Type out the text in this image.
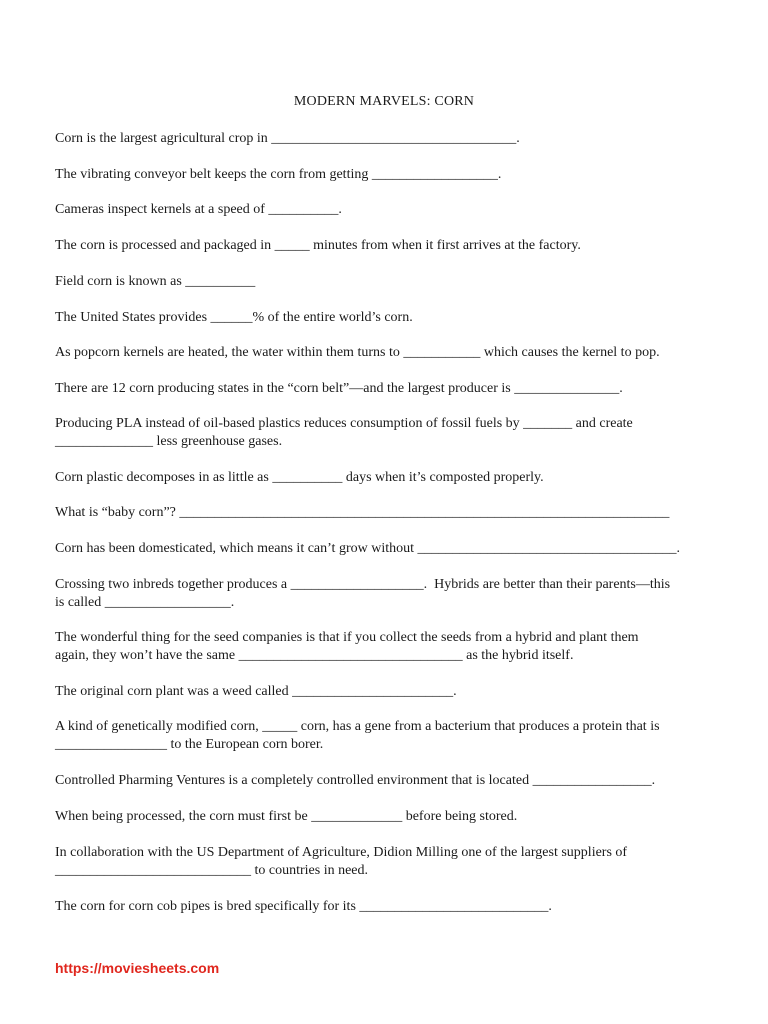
MODERN MARVELS: CORN
Corn is the largest agricultural crop in ___________________________________.
The vibrating conveyor belt keeps the corn from getting __________________.
Cameras inspect kernels at a speed of __________.
The corn is processed and packaged in _____ minutes from when it first arrives at the factory.
Field corn is known as __________
The United States provides ______% of the entire world’s corn.
As popcorn kernels are heated, the water within them turns to ___________ which causes the kernel to pop.
There are 12 corn producing states in the “corn belt”—and the largest producer is _______________.
Producing PLA instead of oil-based plastics reduces consumption of fossil fuels by _______ and create
______________ less greenhouse gases.
Corn plastic decomposes in as little as __________ days when it’s composted properly.
What is “baby corn”? ______________________________________________________________________
Corn has been domesticated, which means it can’t grow without _____________________________________.
Crossing two inbreds together produces a ___________________.  Hybrids are better than their parents—this
is called __________________.
The wonderful thing for the seed companies is that if you collect the seeds from a hybrid and plant them
again, they won’t have the same ________________________________ as the hybrid itself.
The original corn plant was a weed called _______________________.
A kind of genetically modified corn, _____ corn, has a gene from a bacterium that produces a protein that is
________________ to the European corn borer.
Controlled Pharming Ventures is a completely controlled environment that is located _________________.
When being processed, the corn must first be _____________ before being stored.
In collaboration with the US Department of Agriculture, Didion Milling one of the largest suppliers of
____________________________ to countries in need.
The corn for corn cob pipes is bred specifically for its ___________________________.
https://moviesheets.com
